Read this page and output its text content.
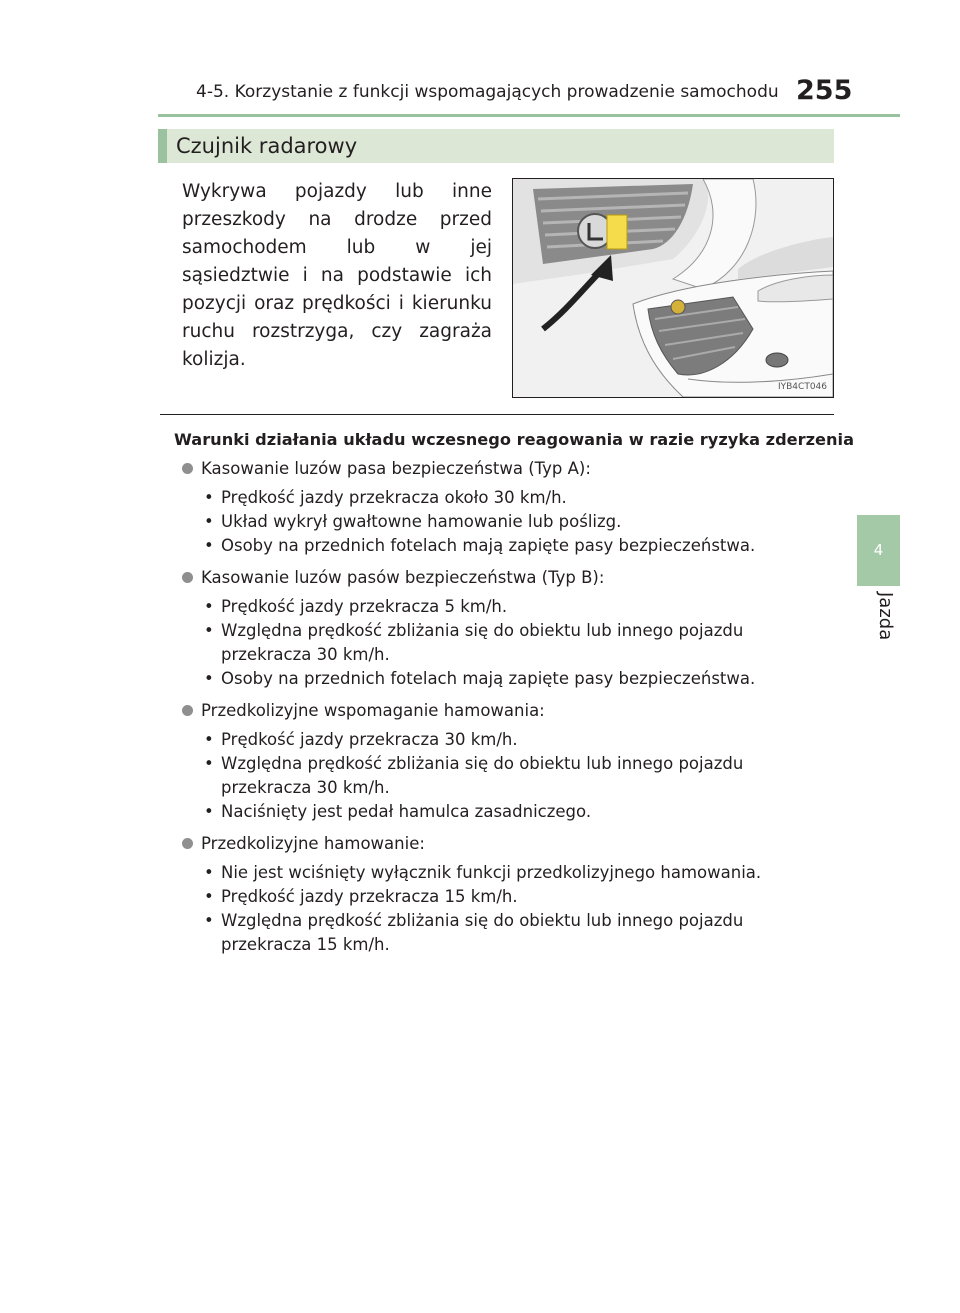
4-5. Korzystanie z funkcji wspomagających prowadzenie samochodu 255
4
Jazda
Czujnik radarowy
Wykrywa pojazdy lub inne przeszkody na drodze przed samochodem lub w jej sąsiedztwie i na podstawie ich pozycji oraz prędkości i kierunku ruchu rozstrzyga, czy zagraża kolizja.
IYB4CT046
Warunki działania układu wczesnego reagowania w razie ryzyka zderzenia
Kasowanie luzów pasa bezpieczeństwa (Typ A):
• Prędkość jazdy przekracza około 30 km/h.
• Układ wykrył gwałtowne hamowanie lub poślizg.
• Osoby na przednich fotelach mają zapięte pasy bezpieczeństwa.
Kasowanie luzów pasów bezpieczeństwa (Typ B):
• Prędkość jazdy przekracza 5 km/h.
• Względna prędkość zbliżania się do obiektu lub innego pojazdu przekracza 30 km/h.
• Osoby na przednich fotelach mają zapięte pasy bezpieczeństwa.
Przedkolizyjne wspomaganie hamowania:
• Prędkość jazdy przekracza 30 km/h.
• Względna prędkość zbliżania się do obiektu lub innego pojazdu przekracza 30 km/h.
• Naciśnięty jest pedał hamulca zasadniczego.
Przedkolizyjne hamowanie:
• Nie jest wciśnięty wyłącznik funkcji przedkolizyjnego hamowania.
• Prędkość jazdy przekracza 15 km/h.
• Względna prędkość zbliżania się do obiektu lub innego pojazdu przekracza 15 km/h.
